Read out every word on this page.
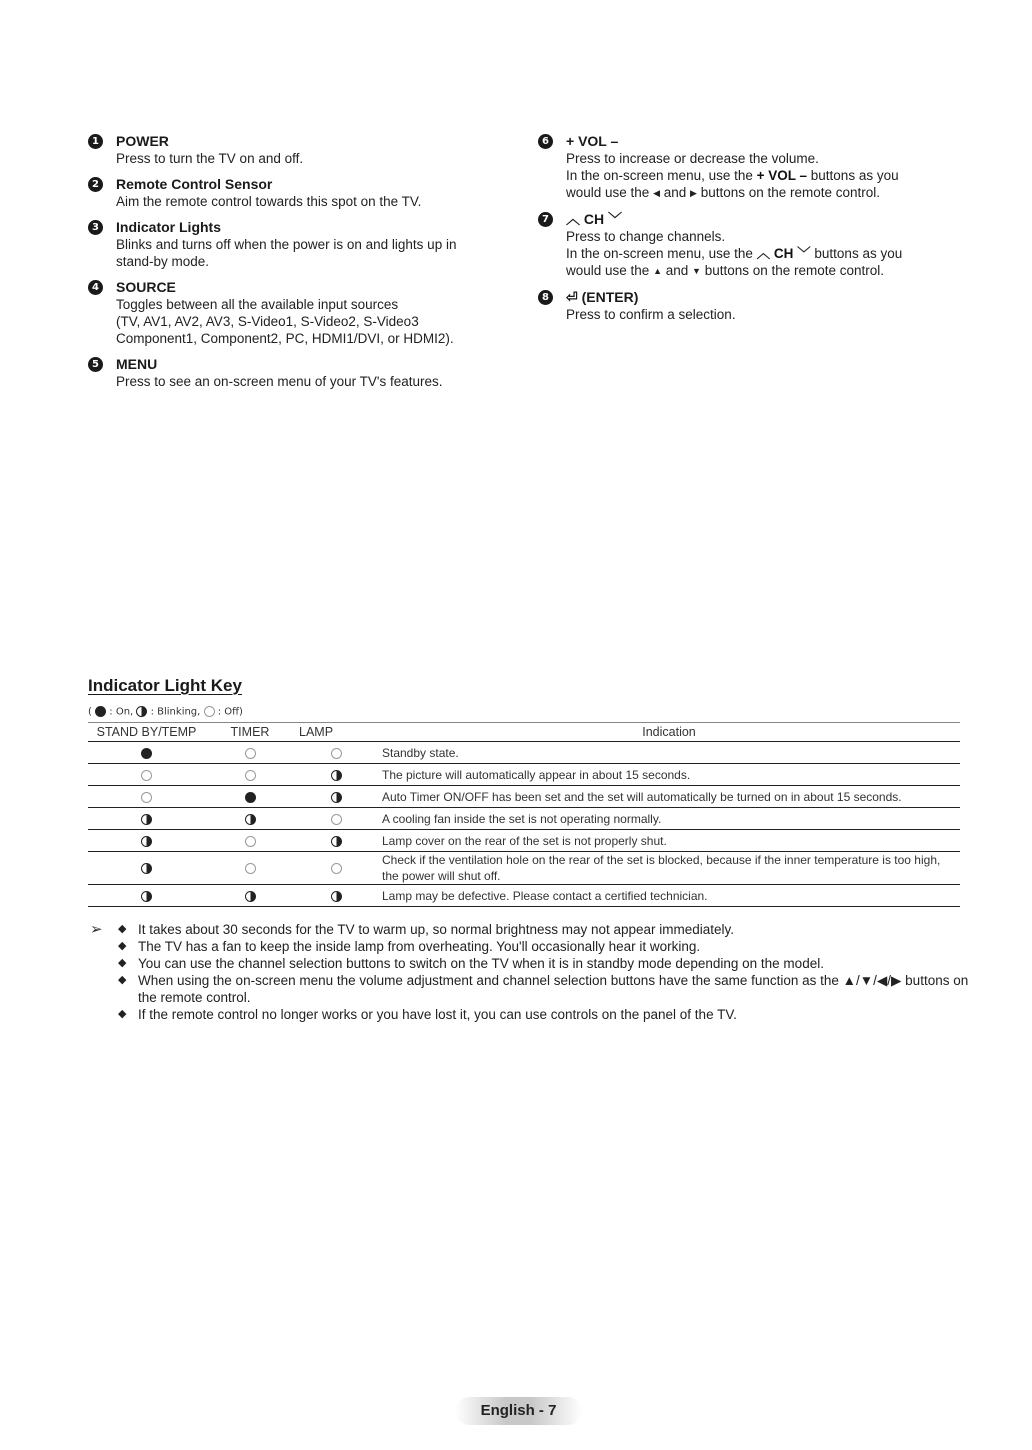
1 POWER
Press to turn the TV on and off.
2 Remote Control Sensor
Aim the remote control towards this spot on the TV.
3 Indicator Lights
Blinks and turns off when the power is on and lights up in
stand-by mode.
4 SOURCE
Toggles between all the available input sources
(TV, AV1, AV2, AV3, S-Video1, S-Video2, S-Video3
Component1, Component2, PC, HDMI1/DVI, or HDMI2).
5 MENU
Press to see an on-screen menu of your TV's features.
6 + VOL –
Press to increase or decrease the volume.
In the on-screen menu, use the + VOL – buttons as you
would use the ◀ and ▶ buttons on the remote control.
7 ︿ CH ﹀
Press to change channels.
In the on-screen menu, use the ︿ CH ﹀ buttons as you
would use the ▲ and ▼ buttons on the remote control.
8 ⏎ (ENTER)
Press to confirm a selection.
Indicator Light Key
( : On, : Blinking, : Off)
STAND BY/TEMP	TIMER	LAMP	Indication
			Standby state.
			The picture will automatically appear in about 15 seconds.
			Auto Timer ON/OFF has been set and the set will automatically be turned on in about 15 seconds.
			A cooling fan inside the set is not operating normally.
			Lamp cover on the rear of the set is not properly shut.
			Check if the ventilation hole on the rear of the set is blocked, because if the inner temperature is too high, the power will shut off.
			Lamp may be defective. Please contact a certified technician.
➢ ◆ It takes about 30 seconds for the TV to warm up, so normal brightness may not appear immediately.
◆ The TV has a fan to keep the inside lamp from overheating. You'll occasionally hear it working.
◆ You can use the channel selection buttons to switch on the TV when it is in standby mode depending on the model.
◆ When using the on-screen menu the volume adjustment and channel selection buttons have the same function as the ▲/▼/◀/▶ buttons on the remote control.
◆ If the remote control no longer works or you have lost it, you can use controls on the panel of the TV.
English - 7
